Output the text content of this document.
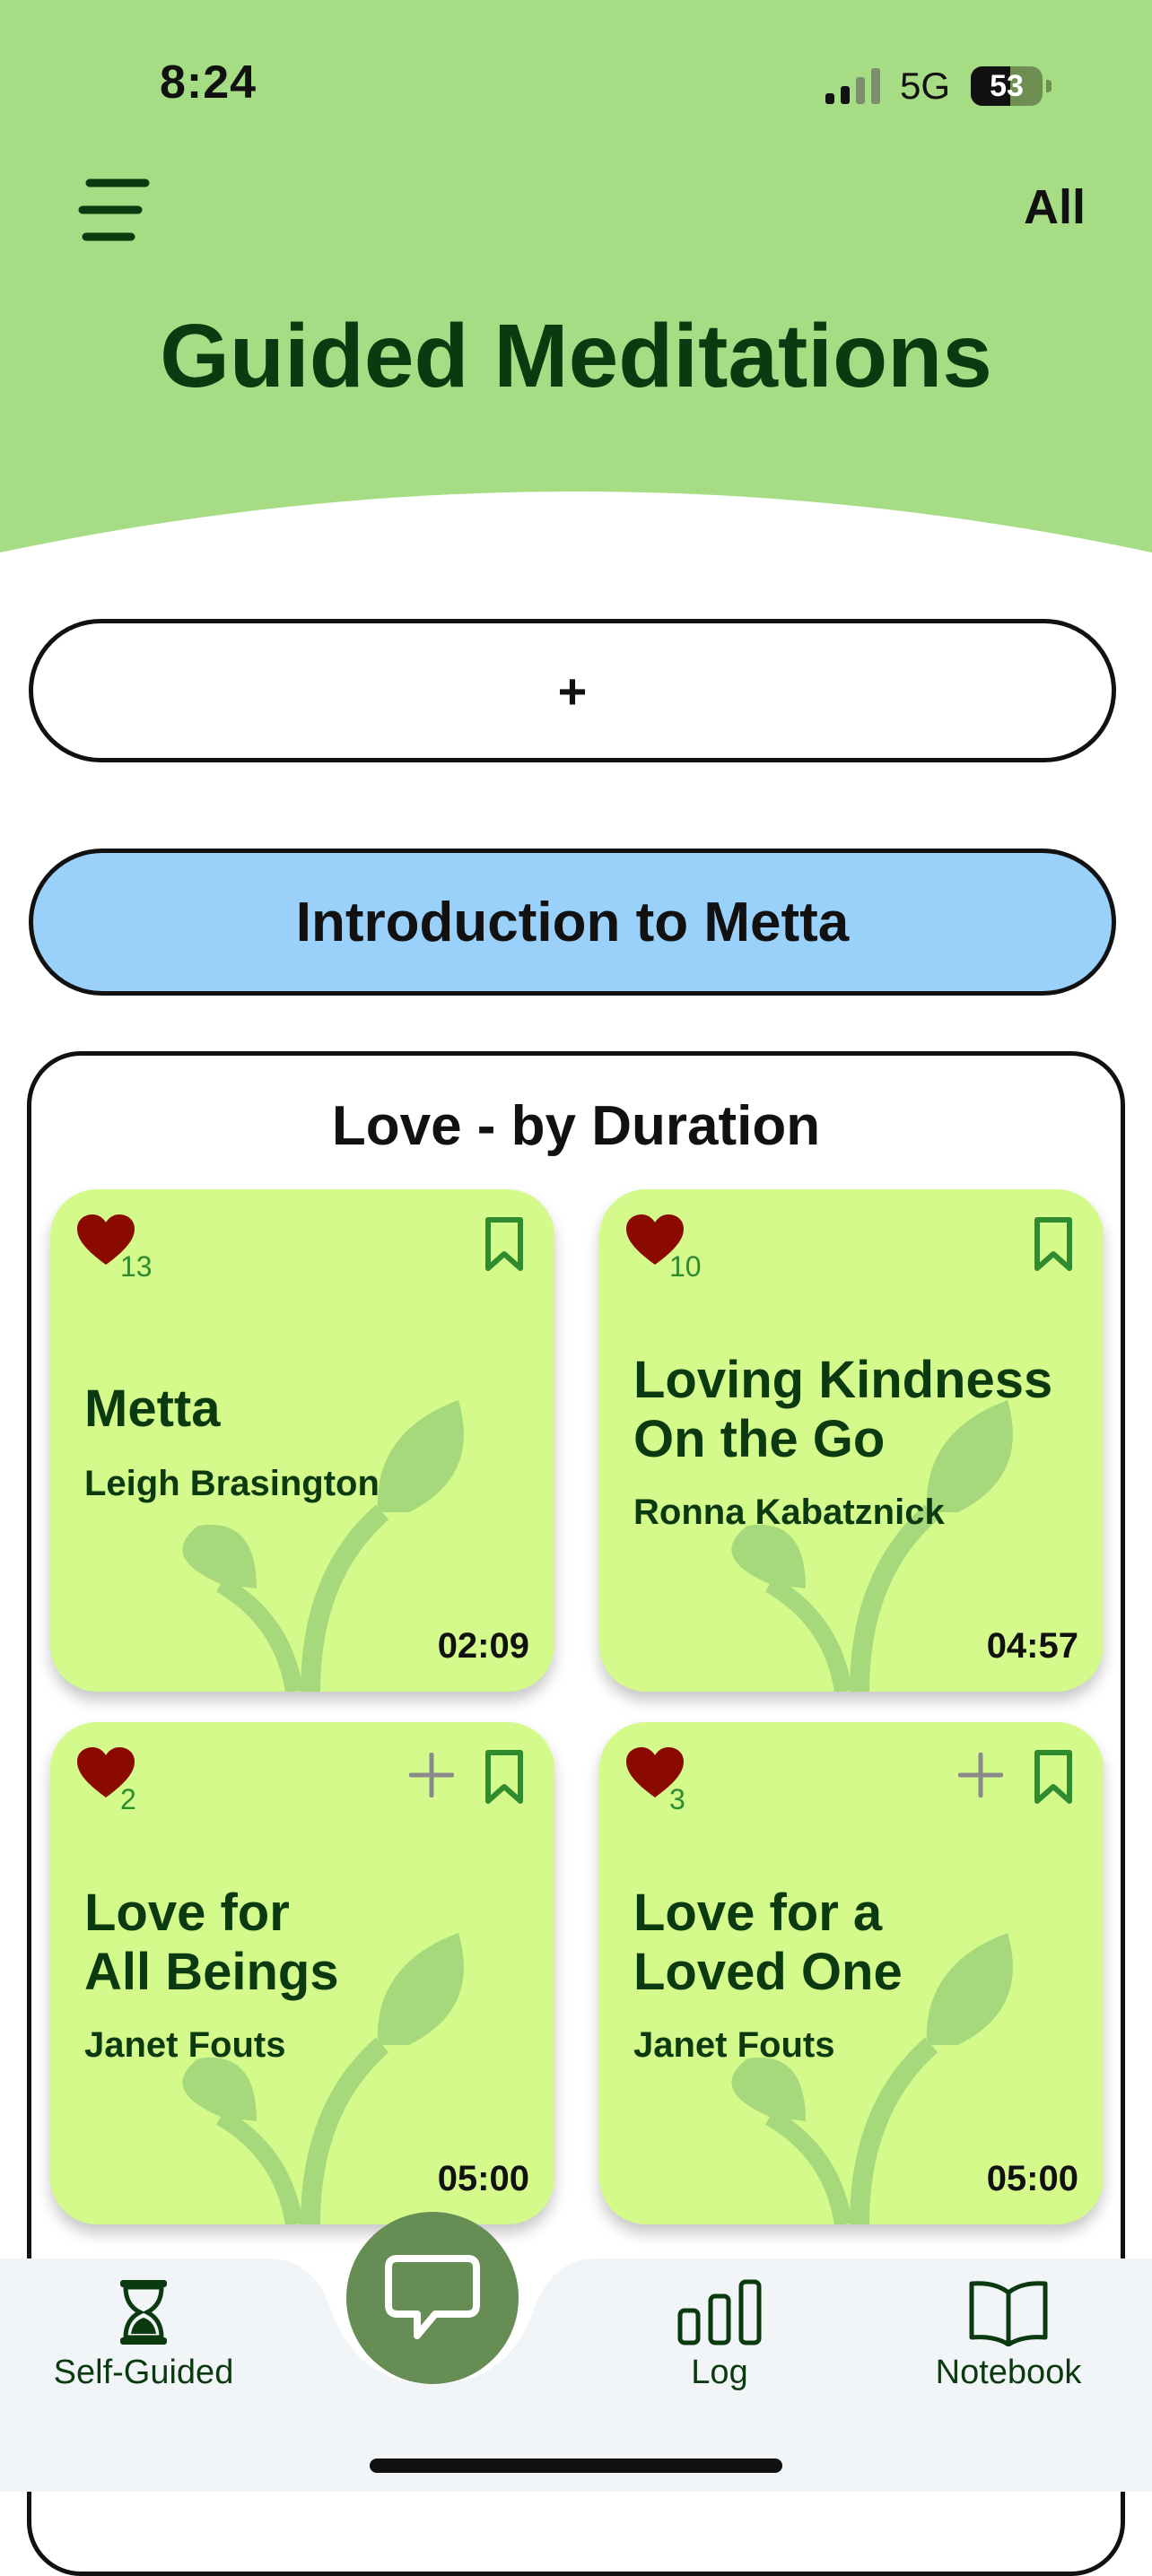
8:24	5G	53
All
Guided Meditations
+
Introduction to Metta
Love - by Duration
13
Metta
Leigh Brasington
02:09
10
Loving Kindness
On the Go
Ronna Kabatznick
04:57
2
Love for
All Beings
Janet Fouts
05:00
3
Love for a
Loved One
Janet Fouts
05:00
Self-Guided	Log	Notebook
